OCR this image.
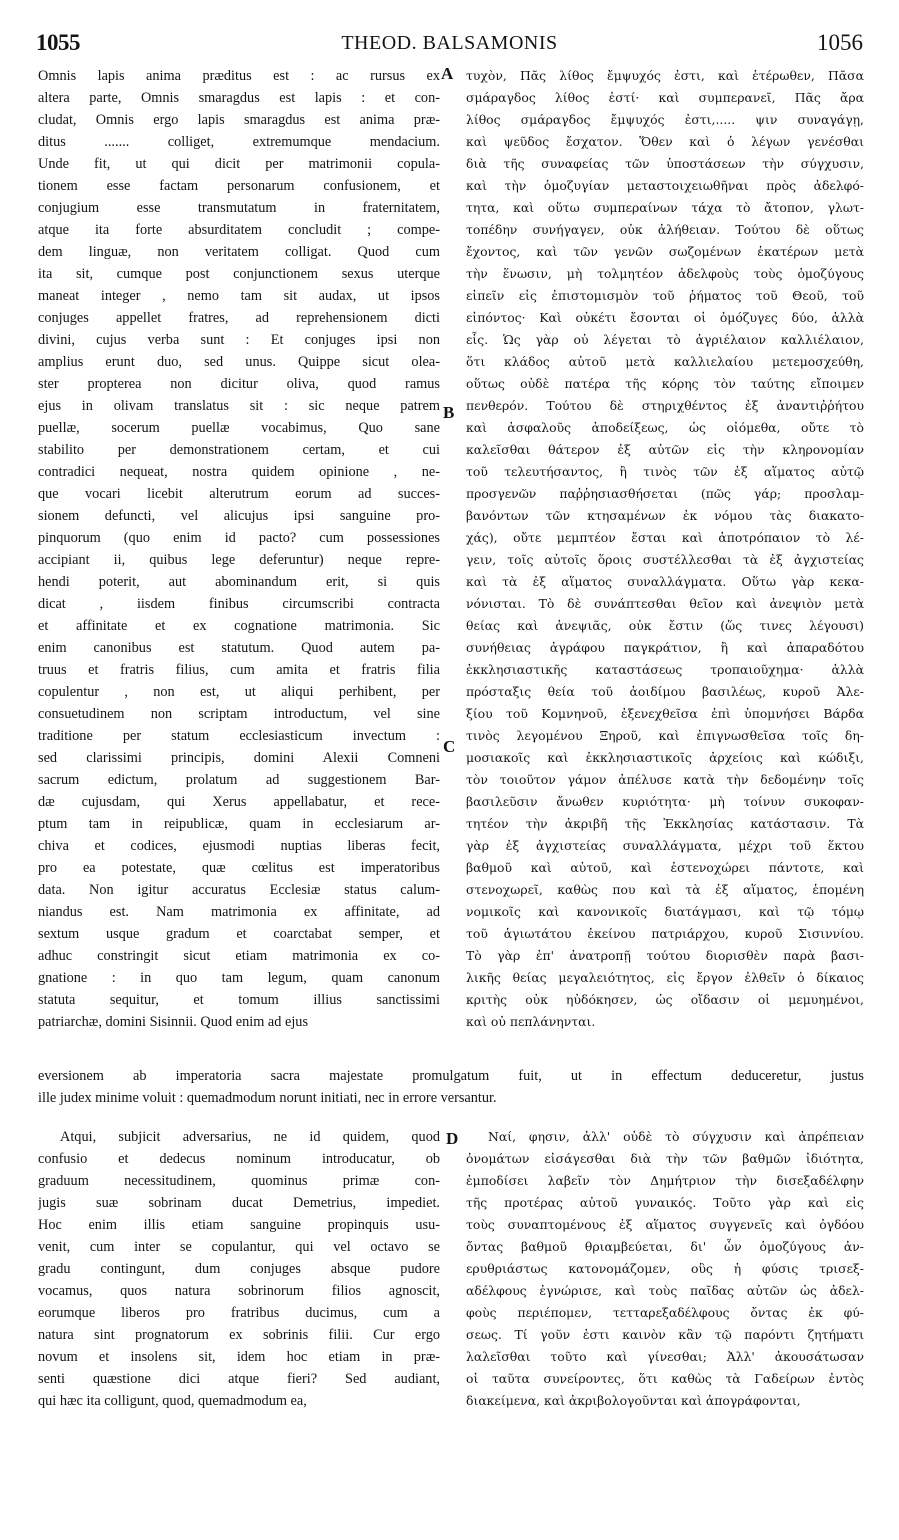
1055	THEOD. BALSAMONIS	1056
Omnis lapis anima præditus est : ac rursus ex
altera parte, Omnis smaragdus est lapis : et con-
cludat, Omnis ergo lapis smaragdus est anima præ-
ditus ....... colliget, extremumque mendacium.
Unde fit, ut qui dicit per matrimonii copula-
tionem esse factam personarum confusionem, et
conjugium esse transmutatum in fraternitatem,
atque ita forte absurditatem concludit ; compe-
dem linguæ, non veritatem colligat. Quod cum
ita sit, cumque post conjunctionem sexus uterque
maneat integer , nemo tam sit audax, ut ipsos
conjuges appellet fratres, ad reprehensionem dicti
divini, cujus verba sunt : Et conjuges ipsi non
amplius erunt duo, sed unus. Quippe sicut olea-
ster propterea non dicitur oliva, quod ramus
ejus in olivam translatus sit : sic neque patrem
puellæ, socerum puellæ vocabimus, Quo sane
stabilito per demonstrationem certam, et cui
contradici nequeat, nostra quidem opinione , ne-
que vocari licebit alterutrum eorum ad succes-
sionem defuncti, vel alicujus ipsi sanguine pro-
pinquorum (quo enim id pacto? cum possessiones
accipiant ii, quibus lege deferuntur) neque repre-
hendi poterit, aut abominandum erit, si quis
dicat , iisdem finibus circumscribi contracta
et affinitate et ex cognatione matrimonia. Sic
enim canonibus est statutum. Quod autem pa-
truus et fratris filius, cum amita et fratris filia
copulentur , non est, ut aliqui perhibent, per
consuetudinem non scriptam introductum, vel sine
traditione per statum ecclesiasticum invectum :
sed clarissimi principis, domini Alexii Comneni
sacrum edictum, prolatum ad suggestionem Bar-
dæ cujusdam, qui Xerus appellabatur, et rece-
ptum tam in reipublicæ, quam in ecclesiarum ar-
chiva et codices, ejusmodi nuptias liberas fecit,
pro ea potestate, quæ cœlitus est imperatoribus
data. Non igitur accuratus Ecclesiæ status calum-
niandus est. Nam matrimonia ex affinitate, ad
sextum usque gradum et coarctabat semper, et
adhuc constringit sicut etiam matrimonia ex co-
gnatione : in quo tam legum, quam canonum
statuta sequitur, et tomum illius sanctissimi
patriarchæ, domini Sisinnii. Quod enim ad ejus
τυχὸν, Πᾶς λίθος ἔμψυχός ἐστι, καὶ ἑτέρωθεν, Πᾶσα
σμάραγδος λίθος ἐστί· καὶ συμπερανεῖ, Πᾶς ἄρα
λίθος σμάραγδος ἔμψυχός ἐστι,..... ψιν συναγάγῃ,
καὶ ψεῦδος ἔσχατον. Ὅθεν καὶ ὁ λέγων γενέσθαι
διὰ τῆς συναφείας τῶν ὑποστάσεων τὴν σύγχυσιν,
καὶ τὴν ὁμοζυγίαν μεταστοιχειωθῆναι πρὸς ἀδελφό-
τητα, καὶ οὕτω συμπεραίνων τάχα τὸ ἄτοπον, γλωτ-
τοπέδην συνήγαγεν, οὐκ ἀλήθειαν. Τούτου δὲ οὕτως
ἔχοντος, καὶ τῶν γενῶν σωζομένων ἑκατέρων μετὰ
τὴν ἕνωσιν, μὴ τολμητέον ἀδελφοὺς τοὺς ὁμοζύγους
εἰπεῖν εἰς ἐπιστομισμὸν τοῦ ῥήματος τοῦ Θεοῦ, τοῦ
εἰπόντος· Καὶ οὐκέτι ἔσονται οἱ ὁμόζυγες δύο, ἀλλὰ
εἷς. Ὡς γὰρ οὐ λέγεται τὸ ἀγριέλαιον καλλιέλαιον,
ὅτι κλάδος αὐτοῦ μετὰ καλλιελαίου μετεμοσχεύθη,
οὕτως οὐδὲ πατέρα τῆς κόρης τὸν ταύτης εἴποιμεν
πενθερόν. Τούτου δὲ στηριχθέντος ἐξ ἀναντιῤῥήτου
καὶ ἀσφαλοῦς ἀποδείξεως, ὡς οἰόμεθα, οὔτε τὸ
καλεῖσθαι θάτερον ἐξ αὐτῶν εἰς τὴν κληρονομίαν
τοῦ τελευτήσαντος, ἢ τινὸς τῶν ἐξ αἵματος αὐτῷ
προσγενῶν παῤῥησιασθήσεται (πῶς γάρ; προσλαμ-
βανόντων τῶν κτησαμένων ἐκ νόμου τὰς διακατο-
χάς), οὔτε μεμπτέον ἔσται καὶ ἀποτρόπαιον τὸ λέ-
γειν, τοῖς αὐτοῖς ὅροις συστέλλεσθαι τὰ ἐξ ἀγχιστείας
καὶ τὰ ἐξ αἵματος συναλλάγματα. Οὕτω γὰρ κεκα-
νόνισται. Τὸ δὲ συνάπτεσθαι θεῖον καὶ ἀνεψιὸν μετὰ
θείας καὶ ἀνεψιᾶς, οὐκ ἔστιν (ὥς τινες λέγουσι)
συνήθειας ἀγράφου παγκράτιον, ἢ καὶ ἀπαραδότου
ἐκκλησιαστικῆς καταστάσεως τροπαιοῦχημα· ἀλλὰ
πρόσταξις θεία τοῦ ἀοιδίμου βασιλέως, κυροῦ Ἀλε-
ξίου τοῦ Κομνηνοῦ, ἐξενεχθεῖσα ἐπὶ ὑπομνήσει Βάρδα
τινὸς λεγομένου Ξηροῦ, καὶ ἐπιγνωσθεῖσα τοῖς δη-
μοσιακοῖς καὶ ἐκκλησιαστικοῖς ἀρχείοις καὶ κώδιξι,
τὸν τοιοῦτον γάμον ἀπέλυσε κατὰ τὴν δεδομένην τοῖς
βασιλεῦσιν ἄνωθεν κυριότητα· μὴ τοίνυν συκοφαν-
τητέον τὴν ἀκριβῆ τῆς Ἐκκλησίας κατάστασιν. Τὰ
γὰρ ἐξ ἀγχιστείας συναλλάγματα, μέχρι τοῦ ἕκτου
βαθμοῦ καὶ αὐτοῦ, καὶ ἐστενοχώρει πάντοτε, καὶ
στενοχωρεῖ, καθὼς που καὶ τὰ ἐξ αἵματος, ἑπομένη
νομικοῖς καὶ κανονικοῖς διατάγμασι, καὶ τῷ τόμῳ
τοῦ ἁγιωτάτου ἐκείνου πατριάρχου, κυροῦ Σισιννίου.
Τὸ γὰρ ἐπ' ἀνατροπῇ τούτου διορισθὲν παρὰ βασι-
λικῆς θείας μεγαλειότητος, εἰς ἔργον ἐλθεῖν ὁ δίκαιος
κριτὴς οὐκ ηὐδόκησεν, ὡς οἴδασιν οἱ μεμυημένοι,
καὶ οὐ πεπλάνηνται.
A
B
C
D
eversionem ab imperatoria sacra majestate promulgatum fuit, ut in effectum deduceretur, justus
ille judex minime voluit : quemadmodum norunt initiati, nec in errore versantur.
Atqui, subjicit adversarius, ne id quidem, quod
confusio et dedecus nominum introducatur, ob
graduum necessitudinem, quominus primæ con-
jugis suæ sobrinam ducat Demetrius, impediet.
Hoc enim illis etiam sanguine propinquis usu-
venit, cum inter se copulantur, qui vel octavo se
gradu contingunt, dum conjuges absque pudore
vocamus, quos natura sobrinorum filios agnoscit,
eorumque liberos pro fratribus ducimus, cum a
natura sint prognatorum ex sobrinis filii. Cur ergo
novum et insolens sit, idem hoc etiam in præ-
senti quæstione dici atque fieri? Sed audiant,
qui hæc ita colligunt, quod, quemadmodum ea,
Ναί, φησιν, ἀλλ' οὐδὲ τὸ σύγχυσιν καὶ ἀπρέπειαν
ὀνομάτων εἰσάγεσθαι διὰ τὴν τῶν βαθμῶν ἰδιότητα,
ἐμποδίσει λαβεῖν τὸν Δημήτριον τὴν δισεξαδέλφην
τῆς προτέρας αὐτοῦ γυναικός. Τοῦτο γὰρ καὶ εἰς
τοὺς συναπτομένους ἐξ αἵματος συγγενεῖς καὶ ὀγδόου
ὄντας βαθμοῦ θριαμβεύεται, δι' ὧν ὁμοζύγους ἀν-
ερυθριάστως κατονομάζομεν, οὓς ἡ φύσις τρισεξ-
αδέλφους ἐγνώρισε, καὶ τοὺς παῖδας αὐτῶν ὡς ἀδελ-
φοὺς περιέπομεν, τετταρεξαδέλφους ὄντας ἐκ φύ-
σεως. Τί γοῦν ἐστι καινὸν κἂν τῷ παρόντι ζητήματι
λαλεῖσθαι τοῦτο καὶ γίνεσθαι; Ἀλλ' ἀκουσάτωσαν
οἱ ταῦτα συνείροντες, ὅτι καθὼς τὰ Γαδείρων ἐντὸς
διακείμενα, καὶ ἀκριβολογοῦνται καὶ ἀπογράφονται,
